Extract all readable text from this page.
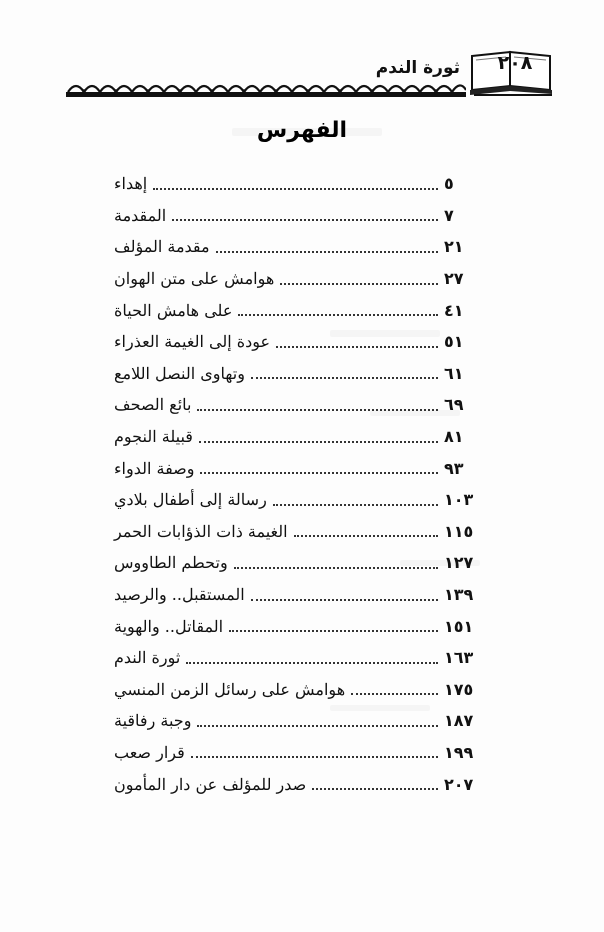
٢٠٨
ثورة الندم
الفهرس
إهداء	٥
المقدمة	٧
مقدمة المؤلف	٢١
هوامش على متن الهوان	٢٧
على هامش الحياة	٤١
عودة إلى الغيمة العذراء	٥١
وتهاوى النصل اللامع	٦١
بائع الصحف	٦٩
قبيلة النجوم	٨١
وصفة الدواء	٩٣
رسالة إلى أطفال بلادي	١٠٣
الغيمة ذات الذؤابات الحمر	١١٥
وتحطم الطاووس	١٢٧
المستقبل.. والرصيد	١٣٩
المقاتل.. والهوية	١٥١
ثورة الندم	١٦٣
هوامش على رسائل الزمن المنسي	١٧٥
وجبة رفاقية	١٨٧
قرار صعب	١٩٩
صدر للمؤلف عن دار المأمون	٢٠٧
